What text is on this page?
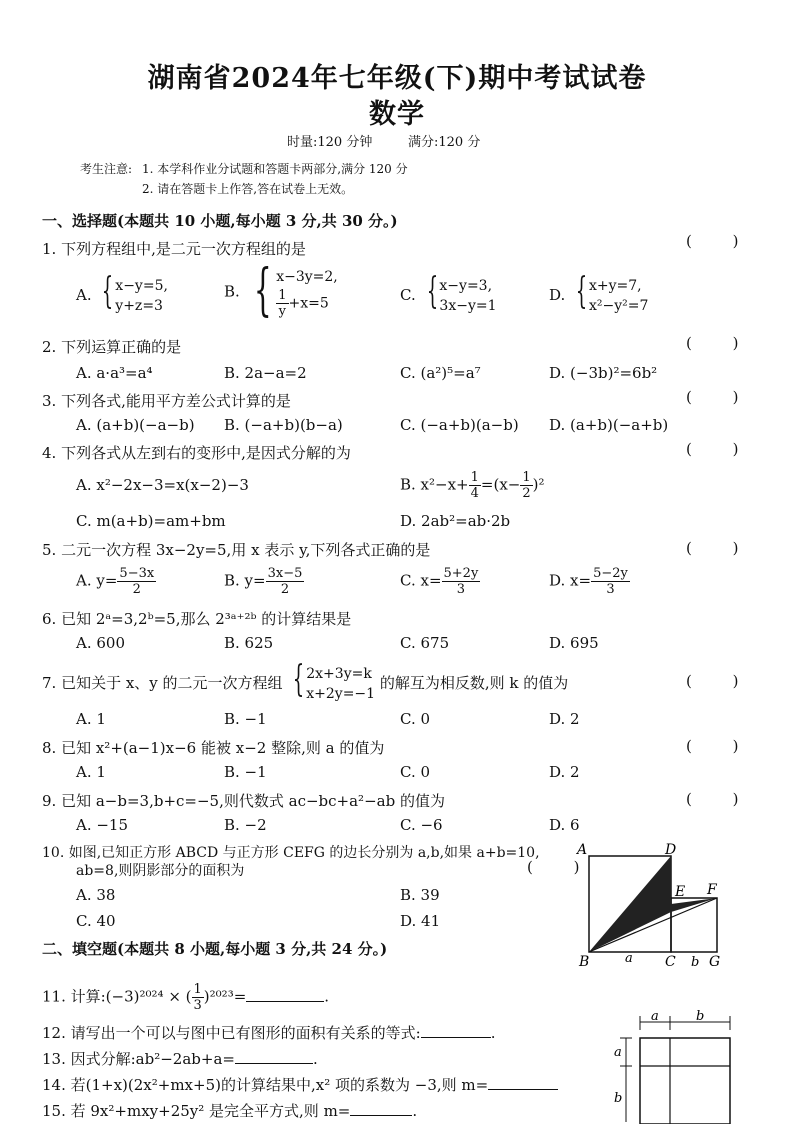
湖南省2024年七年级(下)期中考试试卷
数学
时量:120 分钟	满分:120 分
考生注意: 1. 本学科作业分试题和答题卡两部分,满分 120 分
2. 请在答题卡上作答,答在试卷上无效。
一、选择题(本题共 10 小题,每小题 3 分,共 30 分。)
1. 下列方程组中,是二元一次方程组的是	( )
A. { x−y=5,
y+z=3
B. { x−3y=2,
$\frac{1}{y} +x=5$	C. { x−y=3,
3x−y=1
D. { x+y=7,
x²−y²=7
2. 下列运算正确的是	( )
A. a·a³=a⁴	B. 2a−a=2	C. (a²)⁵=a⁷	D. (−3b)²=6b²
3. 下列各式,能用平方差公式计算的是	( )
A. (a+b)(−a−b) B. (−a+b)(b−a)	C. (−a+b)(a−b) D. (a+b)(−a+b)
4. 下列各式从左到右的变形中,是因式分解的为	( )
A. x²−2x−3=x(x−2)−3	B. $x^2-x+ \frac{1}{4} =(x- \frac{1}{2} )^2$
C. m(a+b)=am+bm	D. 2ab²=ab·2b
5. 二元一次方程 3x−2y=5,用 x 表示 y,下列各式正确的是	( )
A. $y= \frac{5-3x}{2}$	B. $y= \frac{3x-5}{2}$	C. $x= \frac{5+2y}{3}$	D. $x= \frac{5-2y}{3}$
6. 已知 2ᵃ=3,2ᵇ=5,那么 2³ᵃ⁺²ᵇ 的计算结果是
A. 600	B. 625	C. 675	D. 695
7. 已知关于 x、y 的二元一次方程组 { 2x+3y=k
x+2y=−1
的解互为相反数,则 k 的值为	( )
A. 1	B. −1	C. 0	D. 2
8. 已知 x²+(a−1)x−6 能被 x−2 整除,则 a 的值为	( )
A. 1	B. −1	C. 0	D. 2
9. 已知 a−b=3,b+c=−5,则代数式 ac−bc+a²−ab 的值为	( )
A. −15	B. −2	C. −6	D. 6
10. 如图,已知正方形 ABCD 与正方形 CEFG 的边长分别为 a,b,如果 a+b=10,
ab=8,则阴影部分的面积为	( )
A. 38	B. 39
C. 40	D. 41
A	D
E F
B	a C b G
二、填空题(本题共 8 小题,每小题 3 分,共 24 分。)
11. 计算:(−3)²⁰²⁴ × ( $\frac{1}{3} )^{2023}=$	.
12. 请写出一个可以与图中已有图形的面积有关系的等式:	.
13. 因式分解:ab²−2ab+a=	.
14. 若(1+x)(2x²+mx+5)的计算结果中,x² 项的系数为 −3,则 m=
15. 若 9x²+mxy+25y² 是完全平方式,则 m=	.
a	b
a
b
